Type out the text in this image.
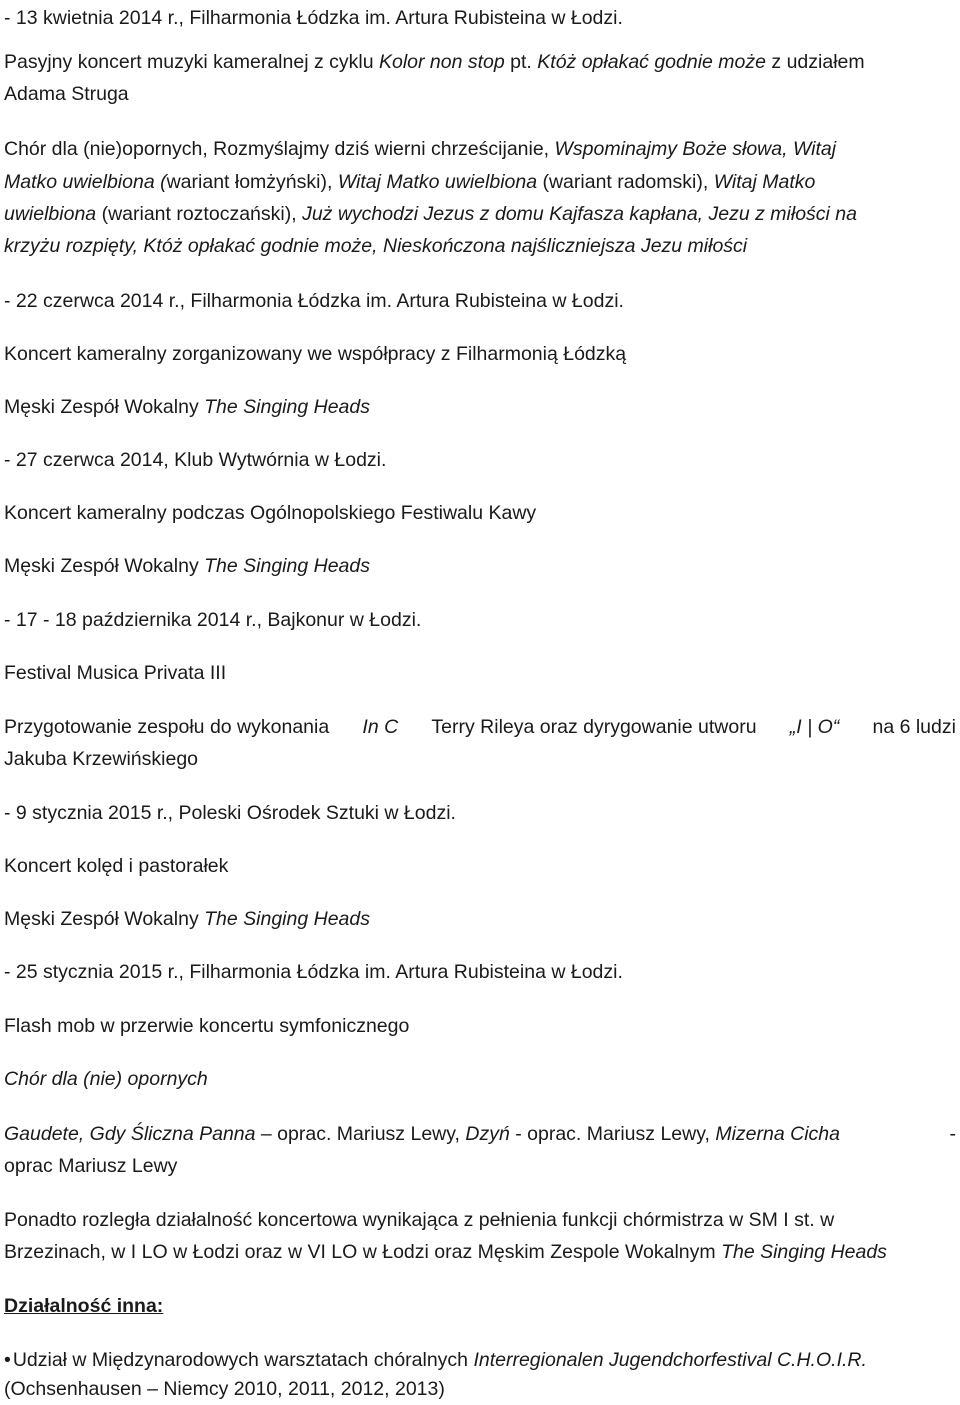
- 13 kwietnia 2014 r., Filharmonia Łódzka im. Artura Rubisteina w Łodzi.
Pasyjny koncert muzyki kameralnej z cyklu Kolor non stop pt. Któż opłakać godnie może z udziałem
Adama Struga
Chór dla (nie)opornych, Rozmyślajmy dziś wierni chrześcijanie, Wspominajmy Boże słowa, Witaj
Matko uwielbiona (wariant łomżyński), Witaj Matko uwielbiona (wariant radomski), Witaj Matko
uwielbiona (wariant roztoczański), Już wychodzi Jezus z domu Kajfasza kapłana, Jezu z miłości na
krzyżu rozpięty, Któż opłakać godnie może, Nieskończona najśliczniejsza Jezu miłości
- 22 czerwca 2014 r., Filharmonia Łódzka im. Artura Rubisteina w Łodzi.
Koncert kameralny zorganizowany we współpracy z Filharmonią Łódzką
Męski Zespół Wokalny The Singing Heads
- 27 czerwca 2014, Klub Wytwórnia w Łodzi.
Koncert kameralny podczas Ogólnopolskiego Festiwalu Kawy
Męski Zespół Wokalny The Singing Heads
- 17 - 18 października 2014 r., Bajkonur w Łodzi.
Festival Musica Privata III
Przygotowanie zespołu do wykonania In C Terry Rileya oraz dyrygowanie utworu „I | O“ na 6 ludzi
Jakuba Krzewińskiego
- 9 stycznia 2015 r., Poleski Ośrodek Sztuki w Łodzi.
Koncert kolęd i pastorałek
Męski Zespół Wokalny The Singing Heads
- 25 stycznia 2015 r., Filharmonia Łódzka im. Artura Rubisteina w Łodzi.
Flash mob w przerwie koncertu symfonicznego
Chór dla (nie) opornych
Gaudete, Gdy Śliczna Panna – oprac. Mariusz Lewy, Dzyń - oprac. Mariusz Lewy, Mizerna Cicha	-
oprac Mariusz Lewy
Ponadto rozległa działalność koncertowa wynikająca z pełnienia funkcji chórmistrza w SM I st. w
Brzezinach, w I LO w Łodzi oraz w VI LO w Łodzi oraz Męskim Zespole Wokalnym The Singing Heads
Działalność inna:
• Udział w Międzynarodowych warsztatach chóralnych Interregionalen Jugendchorfestival C.H.O.I.R.
(Ochsenhausen – Niemcy 2010, 2011, 2012, 2013)
